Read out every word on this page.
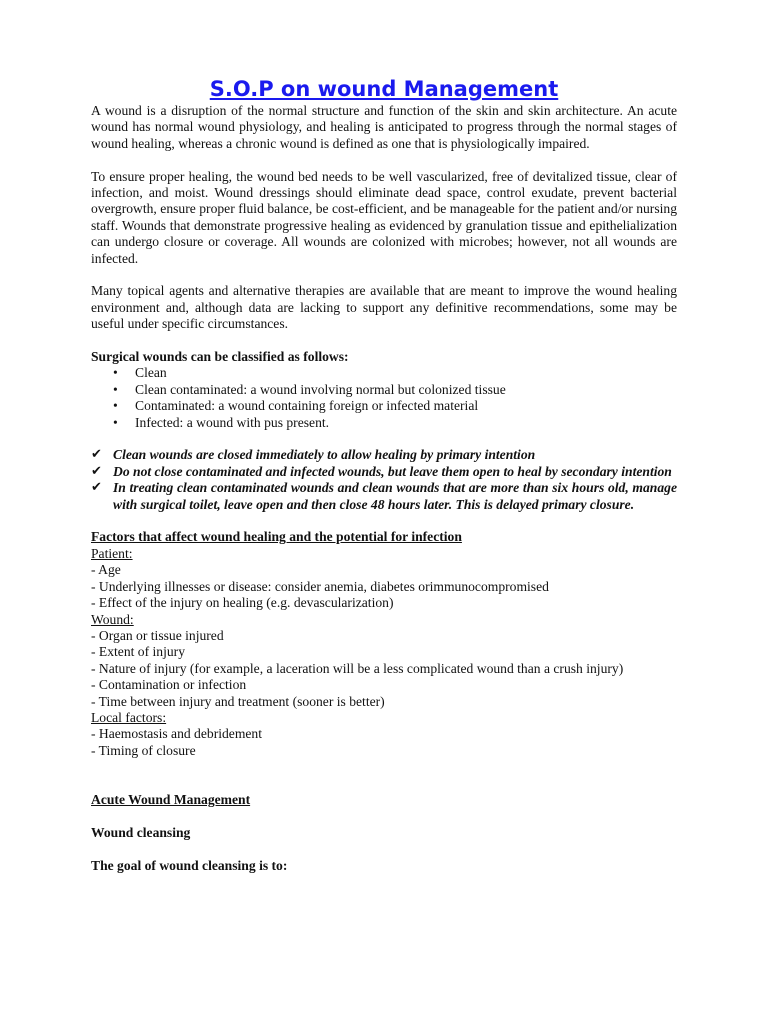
S.O.P on wound Management

A wound is a disruption of the normal structure and function of the skin and skin architecture. An acute wound has normal wound physiology, and healing is anticipated to progress through the normal stages of wound healing, whereas a chronic wound is defined as one that is physiologically impaired.

To ensure proper healing, the wound bed needs to be well vascularized, free of devitalized tissue, clear of infection, and moist. Wound dressings should eliminate dead space, control exudate, prevent bacterial overgrowth, ensure proper fluid balance, be cost-efficient, and be manageable for the patient and/or nursing staff. Wounds that demonstrate progressive healing as evidenced by granulation tissue and epithelialization can undergo closure or coverage. All wounds are colonized with microbes; however, not all wounds are infected.

Many topical agents and alternative therapies are available that are meant to improve the wound healing environment and, although data are lacking to support any definitive recommendations, some may be useful under specific circumstances.

Surgical wounds can be classified as follows:
• Clean
• Clean contaminated: a wound involving normal but colonized tissue
• Contaminated: a wound containing foreign or infected material
• Infected: a wound with pus present.
✔ Clean wounds are closed immediately to allow healing by primary intention
✔ Do not close contaminated and infected wounds, but leave them open to heal by secondary intention
✔ In treating clean contaminated wounds and clean wounds that are more than six hours old, manage with surgical toilet, leave open and then close 48 hours later. This is delayed primary closure.
Factors that affect wound healing and the potential for infection
Patient:
- Age
- Underlying illnesses or disease: consider anemia, diabetes orimmunocompromised
- Effect of the injury on healing (e.g. devascularization)
Wound:
- Organ or tissue injured
- Extent of injury
- Nature of injury (for example, a laceration will be a less complicated wound than a crush injury)
- Contamination or infection
- Time between injury and treatment (sooner is better)
Local factors:
- Haemostasis and debridement
- Timing of closure
Acute Wound Management
Wound cleansing
The goal of wound cleansing is to:
